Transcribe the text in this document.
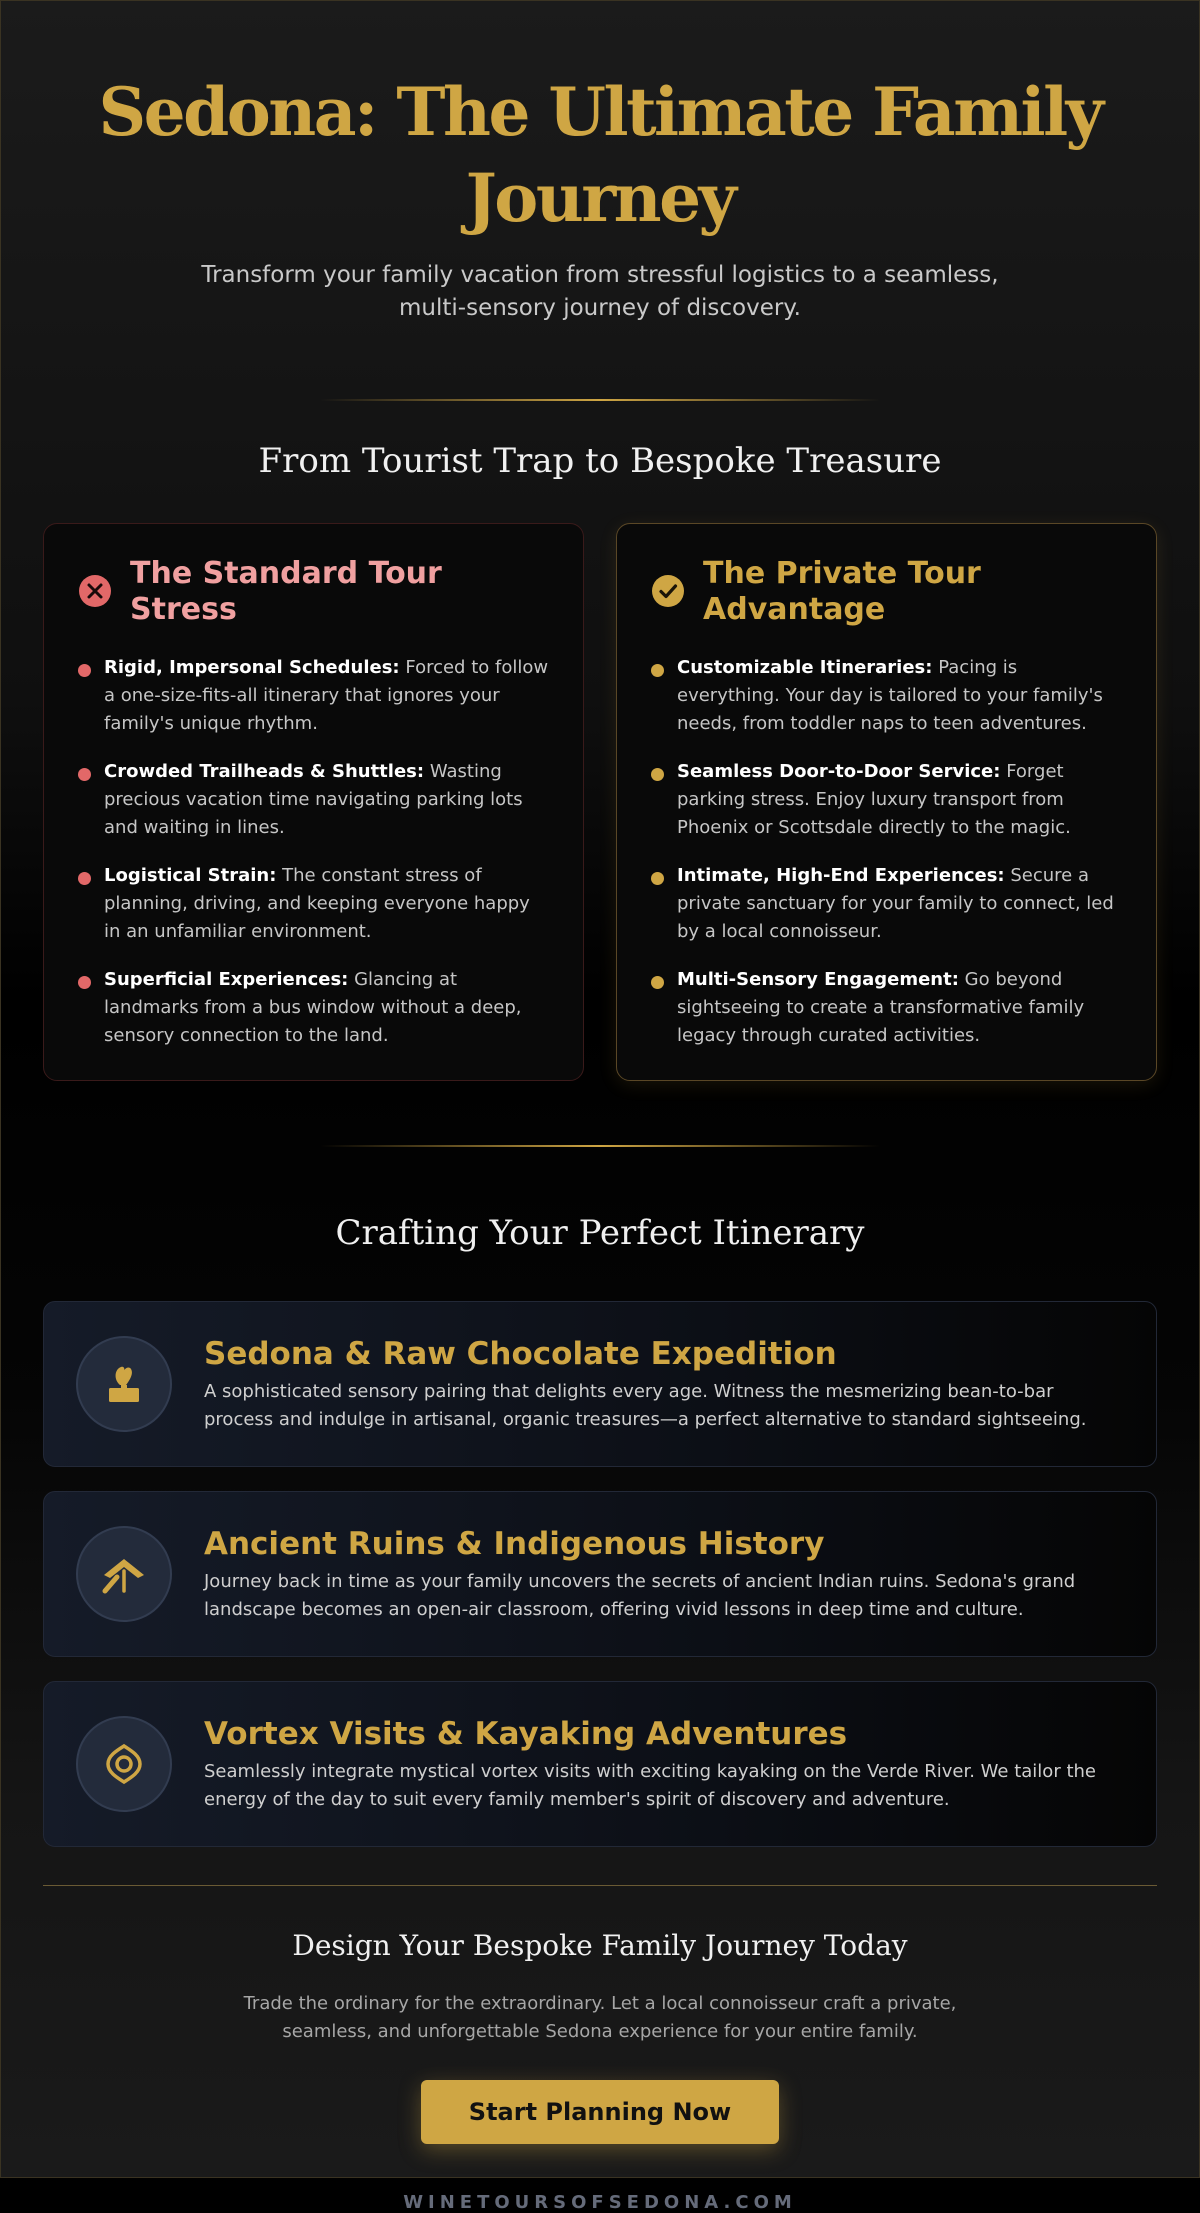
Sedona: The Ultimate Family Journey

Transform your family vacation from stressful logistics to a seamless, multi-sensory journey of discovery.

From Tourist Trap to Bespoke Treasure
The Standard Tour Stress
Rigid, Impersonal Schedules: Forced to follow a one-size-fits-all itinerary that ignores your family's unique rhythm.
Crowded Trailheads & Shuttles: Wasting precious vacation time navigating parking lots and waiting in lines.
Logistical Strain: The constant stress of planning, driving, and keeping everyone happy in an unfamiliar environment.
Superficial Experiences: Glancing at landmarks from a bus window without a deep, sensory connection to the land.
The Private Tour Advantage
Customizable Itineraries: Pacing is everything. Your day is tailored to your family's needs, from toddler naps to teen adventures.
Seamless Door-to-Door Service: Forget parking stress. Enjoy luxury transport from Phoenix or Scottsdale directly to the magic.
Intimate, High-End Experiences: Secure a private sanctuary for your family to connect, led by a local connoisseur.
Multi-Sensory Engagement: Go beyond sightseeing to create a transformative family legacy through curated activities.
Crafting Your Perfect Itinerary
Sedona & Raw Chocolate Expedition

A sophisticated sensory pairing that delights every age. Witness the mesmerizing bean-to-bar process and indulge in artisanal, organic treasures—a perfect alternative to standard sightseeing.

Ancient Ruins & Indigenous History

Journey back in time as your family uncovers the secrets of ancient Indian ruins. Sedona's grand landscape becomes an open-air classroom, offering vivid lessons in deep time and culture.

Vortex Visits & Kayaking Adventures

Seamlessly integrate mystical vortex visits with exciting kayaking on the Verde River. We tailor the energy of the day to suit every family member's spirit of discovery and adventure.

Design Your Bespoke Family Journey Today

Trade the ordinary for the extraordinary. Let a local connoisseur craft a private, seamless, and unforgettable Sedona experience for your entire family.

Start Planning Now
WINETOURSOFSEDONA.COM
